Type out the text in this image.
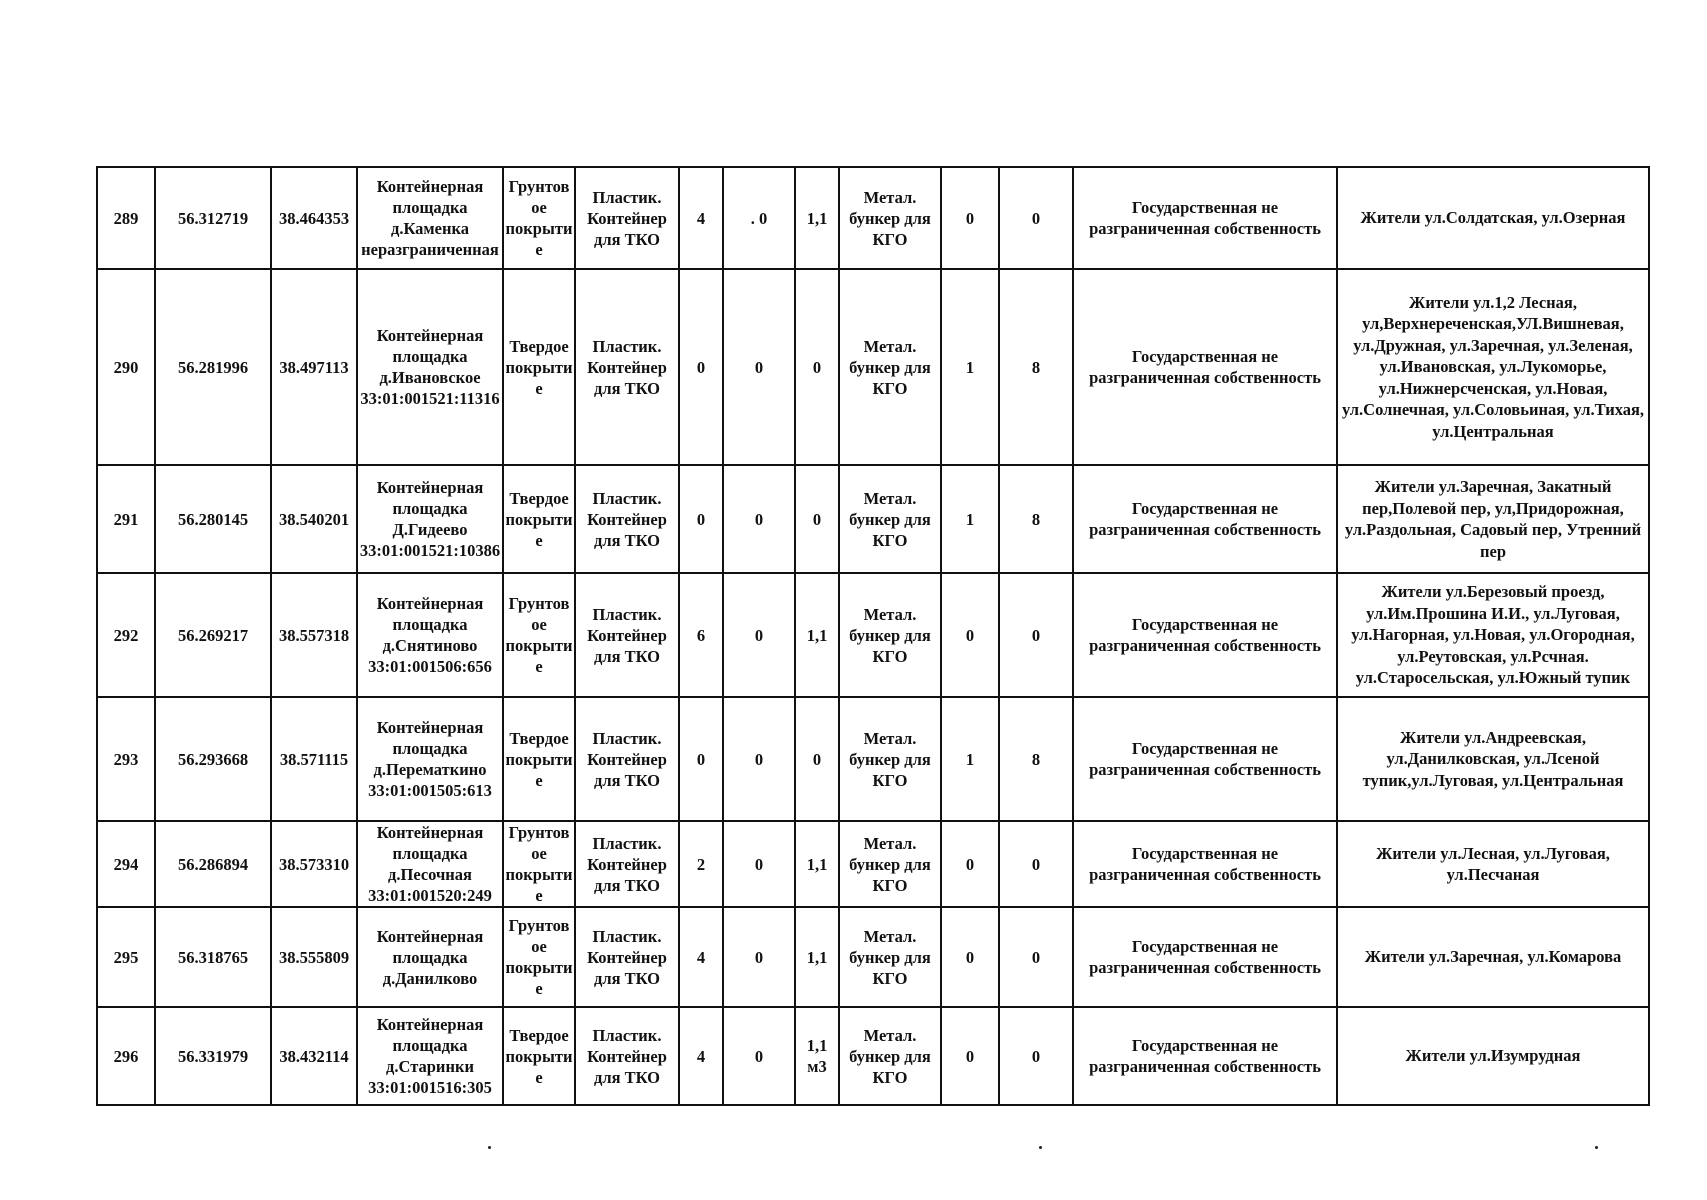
289	56.312719	38.464353	Контейнерная площадка д.Каменка неразграниченная	Грунтовое покрытие	Пластик. Контейнер для ТКО	4	. 0	1,1	Метал. бункер для КГО	0	0	Государственная не разграниченная собственность	Жители ул.Солдатская, ул.Озерная
290	56.281996	38.497113	Контейнерная площадка д.Ивановское 33:01:001521:11316	Твердое покрытие	Пластик. Контейнер для ТКО	0	0	0	Метал. бункер для КГО	1	8	Государственная не разграниченная собственность	Жители ул.1,2 Лесная, ул,Верхнереченская,УЛ.Вишневая, ул.Дружная, ул.Заречная, ул.Зеленая, ул.Ивановская, ул.Лукоморье, ул.Нижнерсченская, ул.Новая, ул.Солнечная, ул.Соловьиная, ул.Тихая, ул.Центральная
291	56.280145	38.540201	Контейнерная площадка Д.Гидеево 33:01:001521:10386	Твердое покрытие	Пластик. Контейнер для ТКО	0	0	0	Метал. бункер для КГО	1	8	Государственная не разграниченная собственность	Жители ул.Заречная, Закатный пер,Полевой пер, ул,Придорожная, ул.Раздольная, Садовый пер, Утренний пер
292	56.269217	38.557318	Контейнерная площадка д.Снятиново 33:01:001506:656	Грунтовое покрытие	Пластик. Контейнер для ТКО	6	0	1,1	Метал. бункер для КГО	0	0	Государственная не разграниченная собственность	Жители ул.Березовый проезд, ул.Им.Прошина И.И., ул.Луговая, ул.Нагорная, ул.Новая, ул.Огородная, ул.Реутовская, ул.Рсчная. ул.Старосельская, ул.Южный тупик
293	56.293668	38.571115	Контейнерная площадка д.Перематкино 33:01:001505:613	Твердое покрытие	Пластик. Контейнер для ТКО	0	0	0	Метал. бункер для КГО	1	8	Государственная не разграниченная собственность	Жители ул.Андреевская, ул.Данилковская, ул.Лсеной тупик,ул.Луговая, ул.Центральная
294	56.286894	38.573310	Контейнерная площадка д.Песочная 33:01:001520:249	Грунтовое покрытие	Пластик. Контейнер для ТКО	2	0	1,1	Метал. бункер для КГО	0	0	Государственная не разграниченная собственность	Жители ул.Лесная, ул.Луговая, ул.Песчаная
295	56.318765	38.555809	Контейнерная площадка д.Данилково	Грунтовое покрытие	Пластик. Контейнер для ТКО	4	0	1,1	Метал. бункер для КГО	0	0	Государственная не разграниченная собственность	Жители ул.Заречная, ул.Комарова
296	56.331979	38.432114	Контейнерная площадка д.Старинки 33:01:001516:305	Твердое покрытие	Пластик. Контейнер для ТКО	4	0	1,1 м3	Метал. бункер для КГО	0	0	Государственная не разграниченная собственность	Жители ул.Изумрудная
